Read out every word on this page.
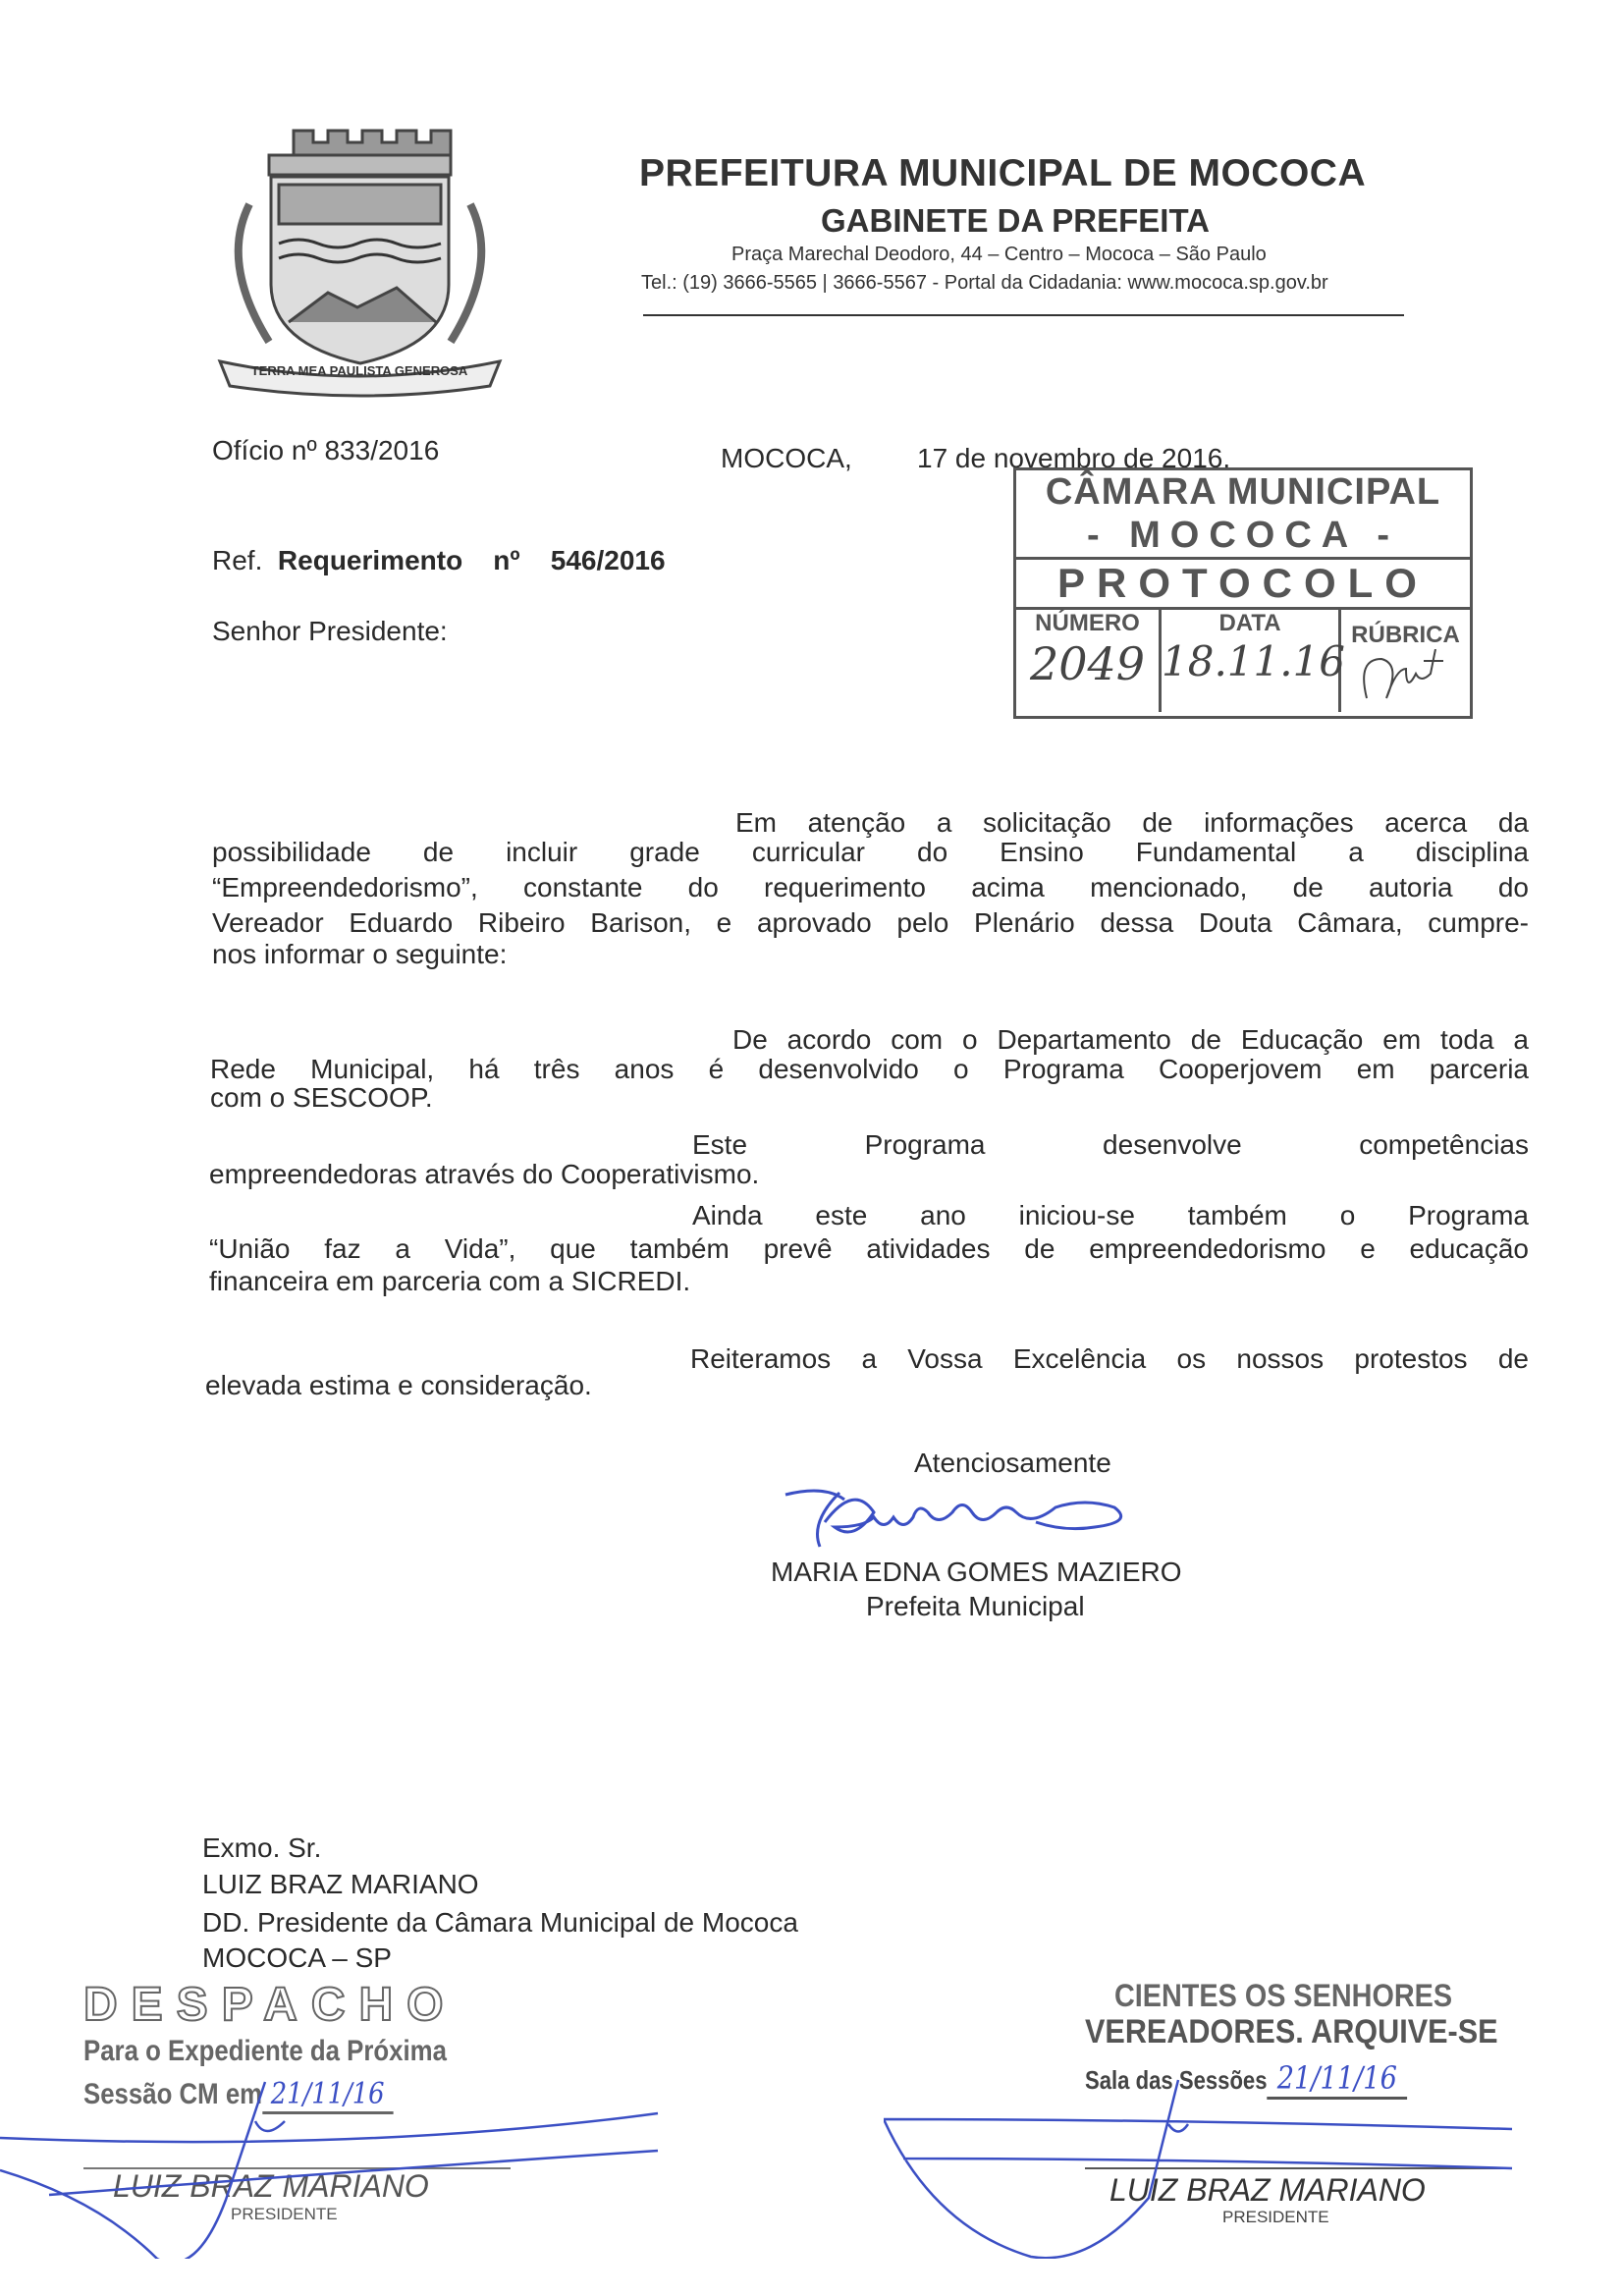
TERRA MEA PAULISTA GENEROSA
PREFEITURA MUNICIPAL DE MOCOCA
GABINETE DA PREFEITA
Praça Marechal Deodoro, 44 – Centro – Mococa – São Paulo
Tel.: (19) 3666-5565 | 3666-5567 - Portal da Cidadania: www.mococa.sp.gov.br
Ofício nº 833/2016	MOCOCA, 17 de novembro de 2016.
CÂMARA MUNICIPAL
- MOCOCA -
PROTOCOLO
NÚMERO
2049
DATA
18.11.16
RÚBRICA
Ref. Requerimento nº 546/2016
Senhor Presidente:
Em atenção a solicitação de informações acerca da
possibilidade de incluir grade curricular do Ensino Fundamental a disciplina
“Empreendedorismo”, constante do requerimento acima mencionado, de autoria do
Vereador Eduardo Ribeiro Barison, e aprovado pelo Plenário dessa Douta Câmara, cumpre-
nos informar o seguinte:
De acordo com o Departamento de Educação em toda a
Rede Municipal, há três anos é desenvolvido o Programa Cooperjovem em parceria
com o SESCOOP.
Este Programa desenvolve competências
empreendedoras através do Cooperativismo.
Ainda este ano iniciou-se também o Programa
“União faz a Vida”, que também prevê atividades de empreendedorismo e educação
financeira em parceria com a SICREDI.
Reiteramos a Vossa Excelência os nossos protestos de
elevada estima e consideração.
Atenciosamente
MARIA EDNA GOMES MAZIERO
Prefeita Municipal
Exmo. Sr.
LUIZ BRAZ MARIANO
DD. Presidente da Câmara Municipal de Mococa
MOCOCA – SP
DESPACHO
Para o Expediente da Próxima
Sessão CM em 21/11/16
LUIZ BRAZ MARIANO
PRESIDENTE
CIENTES OS SENHORES
VEREADORES. ARQUIVE-SE
Sala das Sessões 21/11/16
LUIZ BRAZ MARIANO
PRESIDENTE
